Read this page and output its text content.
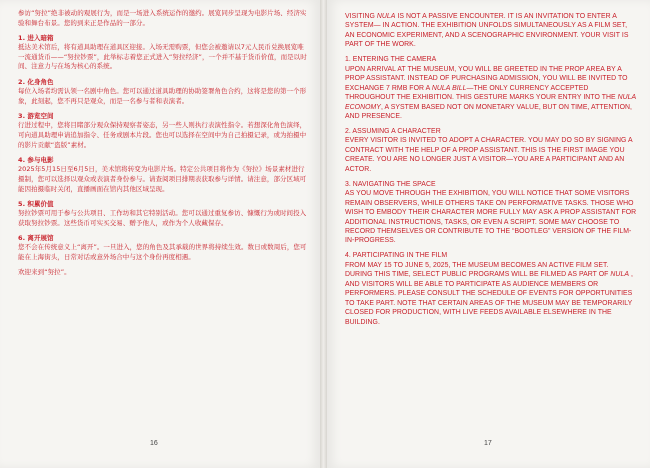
参访“努拉”绝非被动的观展行为，而是一场进入系统运作的邀约。展览同步呈现为电影片场、经济实验和舞台布景。您的到来正是作品的一部分。

1. 进入暗箱

抵达美术馆后，将有道具助理在道具区迎接。入场无需购票，但您会被邀请以7元人民币兑换展览唯一流通货币——“努拉钞票”，此举标志着您正式进入“努拉经济”，一个并不基于货币价值，而是以时间、注意力与在场为核心的系统。

2. 化身角色

每位入场者均需认领一名剧中角色。您可以通过道具助理的协助签署角色合约，这将是您的第一个形象，此刻起，您不再只是观众，而是一名参与者和表演者。

3. 游览空间

行进过程中，您将目睹部分观众保持观察者姿态，另一些人则执行表演性指令。若想深化角色演绎，可向道具助理申请追加指令、任务或剧本片段。您也可以选择在空间中为自己拍摄记录，或为拍摄中的影片贡献“盗版”素材。

4. 参与电影

2025年5月15日至6月5日，美术馆将转变为电影片场。特定公共项目将作为《努拉》场景素材进行摄制，您可以选择以观众或表演者身份参与。请查阅项目排期表获取参与详情。请注意，部分区域可能因拍摄临时关闭，直播画面在馆内其他区域呈现。

5. 积累价值

努拉钞票可用于参与公共项目、工作坊和其它特别活动。您可以通过重复参访、慷慨行为或时间投入获取努拉钞票。这些货币可实买交易、赠予他人，或作为个人收藏保存。

6. 离开展馆

您不会在传统意义上“离开”。一旦进入，您的角色及其承载的世界将持续生效。数日或数周后，您可能在上海街头，日常对话或意外场合中与这个身份再度相遇。

欢迎来到“努拉”。

16

VISITING NULA IS NOT A PASSIVE ENCOUNTER. IT IS AN INVITATION TO ENTER A SYSTEM— IN ACTION. THE EXHIBITION UNFOLDS SIMULTANEOUSLY AS A FILM SET, AN ECONOMIC EXPERIMENT, AND A SCENOGRAPHIC ENVIRONMENT. YOUR VISIT IS PART OF THE WORK.

1. ENTERING THE CAMERA

UPON ARRIVAL AT THE MUSEUM, YOU WILL BE GREETED IN THE PROP AREA BY A PROP ASSISTANT. INSTEAD OF PURCHASING ADMISSION, YOU WILL BE INVITED TO EXCHANGE 7 RMB FOR A NULA BILL—THE ONLY CURRENCY ACCEPTED THROUGHOUT THE EXHIBITION. THIS GESTURE MARKS YOUR ENTRY INTO THE NULA ECONOMY, A SYSTEM BASED NOT ON MONETARY VALUE, BUT ON TIME, ATTENTION, AND PRESENCE.

2. ASSUMING A CHARACTER

EVERY VISITOR IS INVITED TO ADOPT A CHARACTER. YOU MAY DO SO BY SIGNING A CONTRACT WITH THE HELP OF A PROP ASSISTANT. THIS IS THE FIRST IMAGE YOU CREATE. YOU ARE NO LONGER JUST A VISITOR—YOU ARE A PARTICIPANT AND AN ACTOR.

3. NAVIGATING THE SPACE

AS YOU MOVE THROUGH THE EXHIBITION, YOU WILL NOTICE THAT SOME VISITORS REMAIN OBSERVERS, WHILE OTHERS TAKE ON PERFORMATIVE TASKS. THOSE WHO WISH TO EMBODY THEIR CHARACTER MORE FULLY MAY ASK A PROP ASSISTANT FOR ADDITIONAL INSTRUCTIONS, TASKS, OR EVEN A SCRIPT. SOME MAY CHOOSE TO RECORD THEMSELVES OR CONTRIBUTE TO THE “BOOTLEG” VERSION OF THE FILM-IN-PROGRESS.

4. PARTICIPATING IN THE FILM

FROM MAY 15 TO JUNE 5, 2025, THE MUSEUM BECOMES AN ACTIVE FILM SET. DURING THIS TIME, SELECT PUBLIC PROGRAMS WILL BE FILMED AS PART OF NULA , AND VISITORS WILL BE ABLE TO PARTICIPATE AS AUDIENCE MEMBERS OR PERFORMERS. PLEASE CONSULT THE SCHEDULE OF EVENTS FOR OPPORTUNITIES TO TAKE PART. NOTE THAT CERTAIN AREAS OF THE MUSEUM MAY BE TEMPORARILY CLOSED FOR PRODUCTION, WITH LIVE FEEDS AVAILABLE ELSEWHERE IN THE BUILDING.

17
